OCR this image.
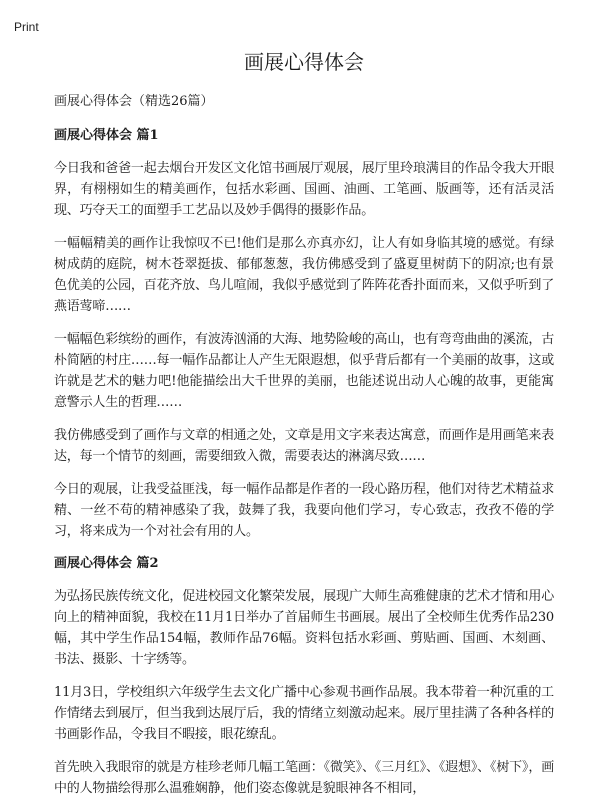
Print
画展心得体会

画展心得体会（精选26篇）

画展心得体会 篇1

今日我和爸爸一起去烟台开发区文化馆书画展厅观展，展厅里玲琅满目的作品令我大开眼界，有栩栩如生的精美画作，包括水彩画、国画、油画、工笔画、版画等，还有活灵活现、巧夺天工的面塑手工艺品以及妙手偶得的摄影作品。

一幅幅精美的画作让我惊叹不已!他们是那么亦真亦幻，让人有如身临其境的感觉。有绿树成荫的庭院，树木苍翠挺拔、郁郁葱葱，我仿佛感受到了盛夏里树荫下的阴凉;也有景色优美的公园，百花齐放、鸟儿喧闹，我似乎感觉到了阵阵花香扑面而来，又似乎听到了燕语莺啼……

一幅幅色彩缤纷的画作，有波涛汹涌的大海、地势险峻的高山，也有弯弯曲曲的溪流，古朴简陋的村庄……每一幅作品都让人产生无限遐想，似乎背后都有一个美丽的故事，这或许就是艺术的魅力吧!他能描绘出大千世界的美丽，也能述说出动人心魄的故事，更能寓意警示人生的哲理……

我仿佛感受到了画作与文章的相通之处，文章是用文字来表达寓意，而画作是用画笔来表达，每一个情节的刻画，需要细致入微，需要表达的淋漓尽致……

今日的观展，让我受益匪浅，每一幅作品都是作者的一段心路历程，他们对待艺术精益求精、一丝不苟的精神感染了我，鼓舞了我，我要向他们学习，专心致志，孜孜不倦的学习，将来成为一个对社会有用的人。

画展心得体会 篇2

为弘扬民族传统文化，促进校园文化繁荣发展，展现广大师生高雅健康的艺术才情和用心向上的精神面貌，我校在11月1日举办了首届师生书画展。展出了全校师生优秀作品230幅，其中学生作品154幅，教师作品76幅。资料包括水彩画、剪贴画、国画、木刻画、书法、摄影、十字绣等。

11月3日，学校组织六年级学生去文化广播中心参观书画作品展。我本带着一种沉重的工作情绪去到展厅，但当我到达展厅后，我的情绪立刻激动起来。展厅里挂满了各种各样的书画影作品，令我目不暇接，眼花缭乱。

首先映入我眼帘的就是方桂珍老师几幅工笔画：《微笑》、《三月红》、《遐想》、《树下》，画中的人物描绘得那么温雅娴静，他们姿态像就是貌眼神各不相同，
